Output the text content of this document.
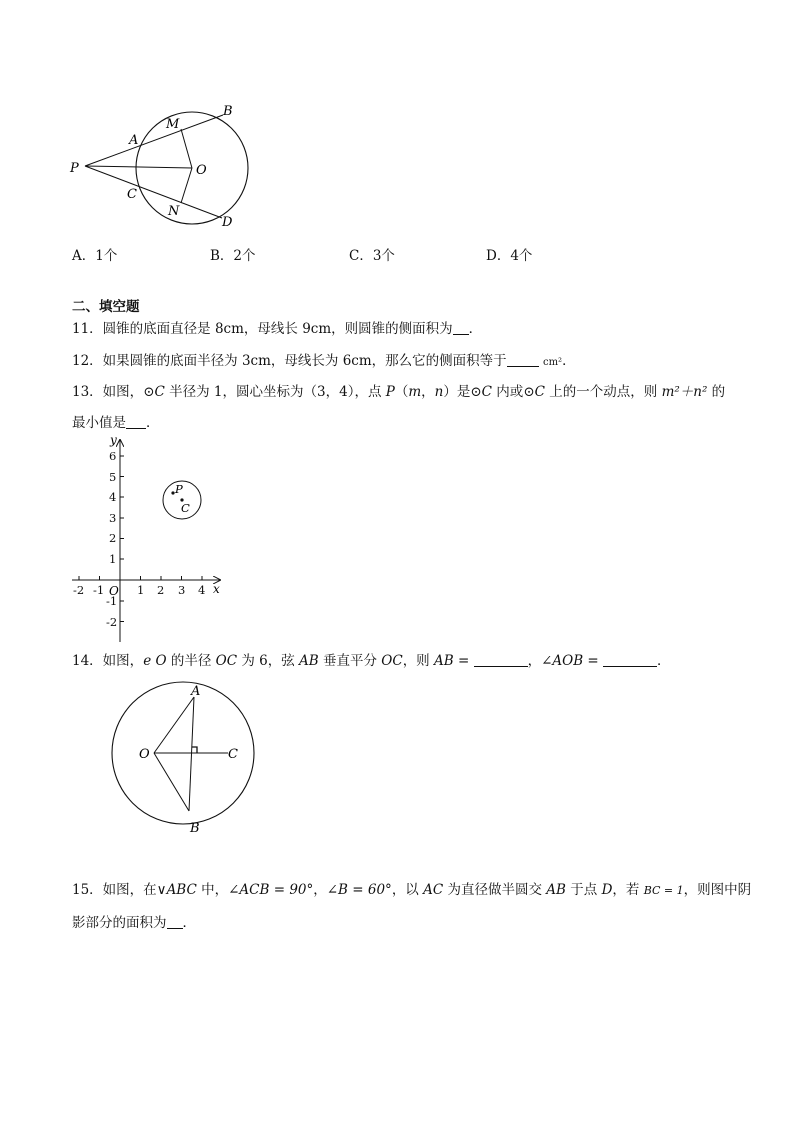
P
A
M
B
O
C
N
D
A．1个	B．2个	C．3个	D．4个
二、填空题
11．圆锥的底面直径是 8cm，母线长 9cm，则圆锥的侧面积为 ．
12．如果圆锥的底面半径为 3cm，母线长为 6cm，那么它的侧面积等于	cm²．
13．如图，⊙C 半径为 1，圆心坐标为（3，4），点 P（m，n）是⊙C 内或⊙C 上的一个动点，则 m²＋n² 的
最小值是 ．
-2 -1	1 2 3 4
6
5
4
3
2
1
-1
-2
O	x
y
P
C
14．如图，e O 的半径 OC 为 6，弦 AB 垂直平分 OC，则 AB =	，∠AOB =	．
A
O	C
B
15．如图，在∨ABC 中，∠ACB = 90°，∠B = 60°，以 AC 为直径做半圆交 AB 于点 D，若 BC = 1，则图中阴
影部分的面积为 ．
